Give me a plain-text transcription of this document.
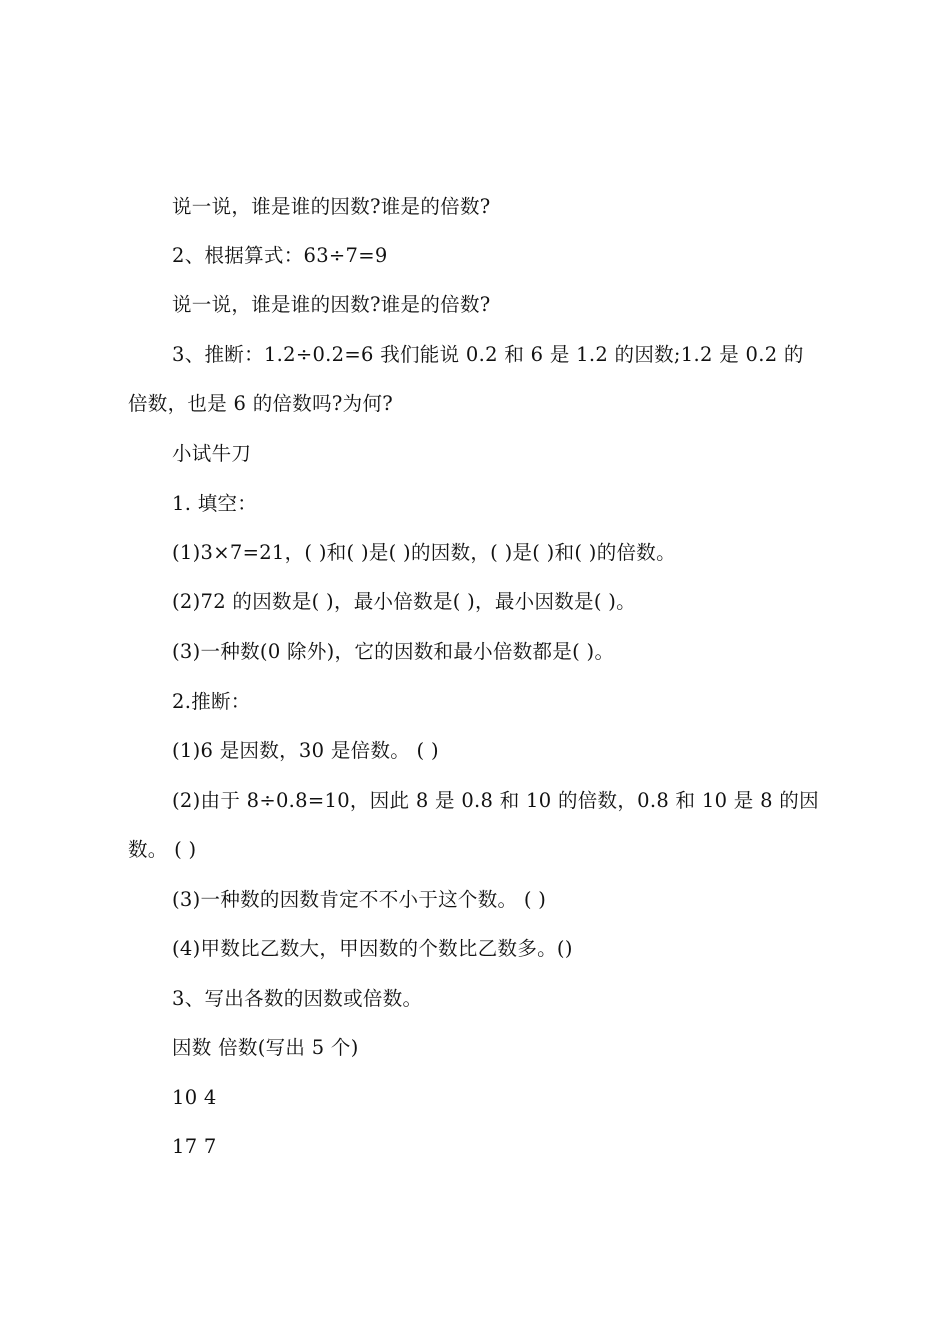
说一说，谁是谁的因数?谁是的倍数?
2、根据算式：63÷7=9
说一说，谁是谁的因数?谁是的倍数?
3、推断：1.2÷0.2=6 我们能说 0.2 和 6 是 1.2 的因数;1.2 是 0.2 的
倍数，也是 6 的倍数吗?为何?
小试牛刀
1. 填空：
(1)3×7=21，( )和( )是( )的因数，( )是( )和( )的倍数。
(2)72 的因数是( )，最小倍数是( )，最小因数是( )。
(3)一种数(0 除外)，它的因数和最小倍数都是( )。
2.推断：
(1)6 是因数，30 是倍数。 ( )
(2)由于 8÷0.8=10，因此 8 是 0.8 和 10 的倍数，0.8 和 10 是 8 的因
数。 ( )
(3)一种数的因数肯定不不小于这个数。 ( )
(4)甲数比乙数大，甲因数的个数比乙数多。()
3、写出各数的因数或倍数。
因数 倍数(写出 5 个)
10 4
17 7
